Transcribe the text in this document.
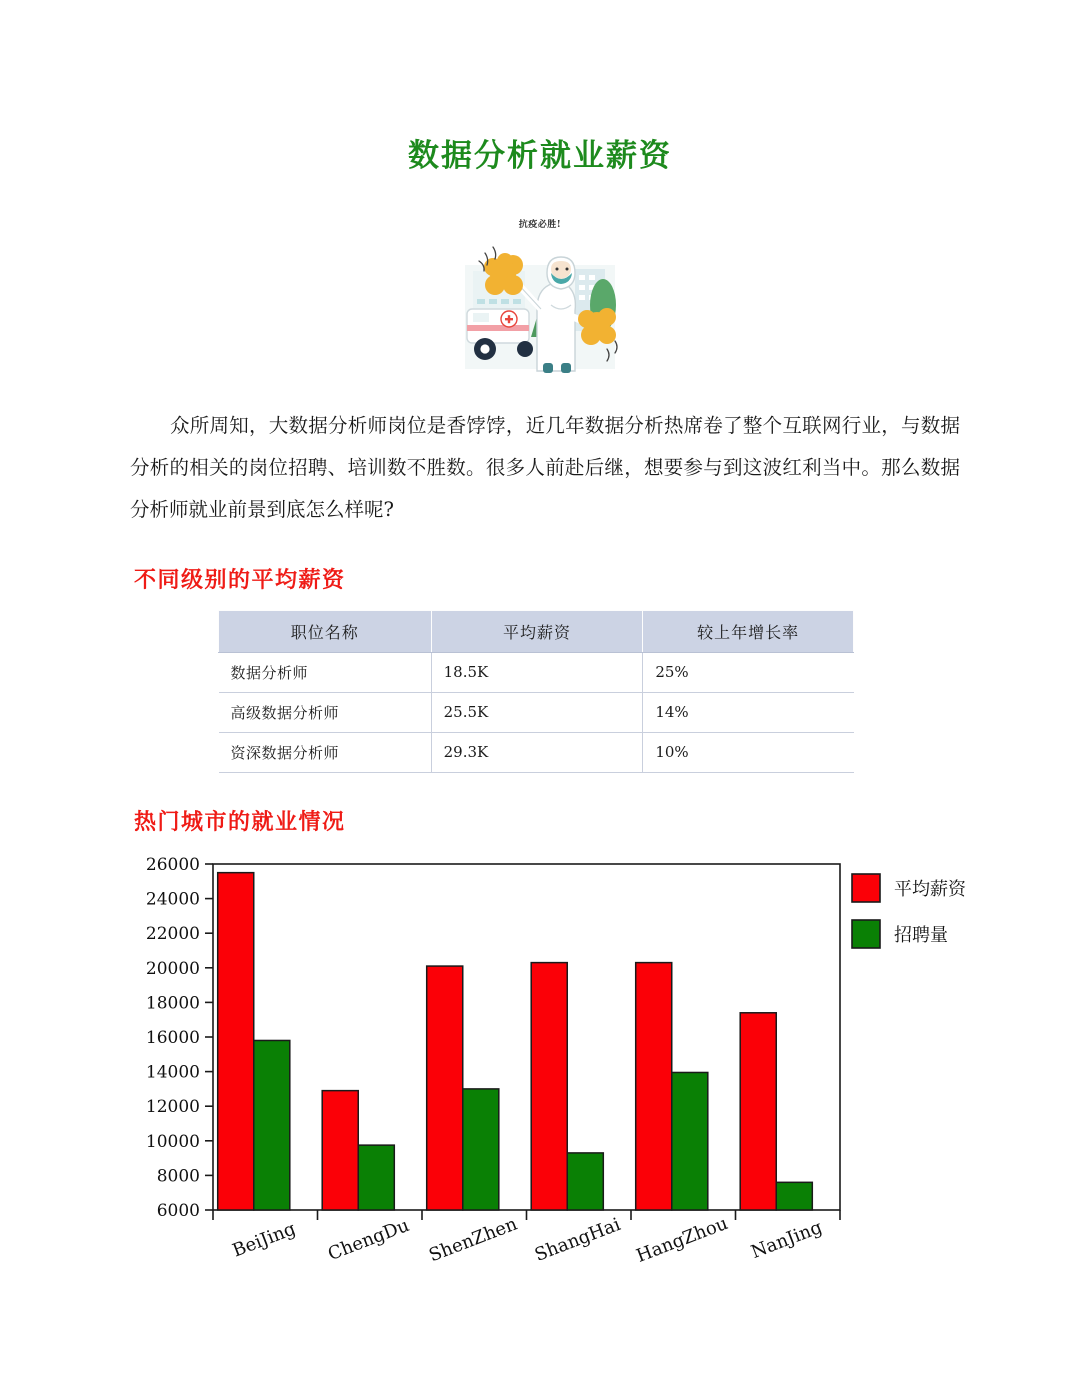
数据分析就业薪资
抗疫必胜!

众所周知，大数据分析师岗位是香饽饽，近几年数据分析热席卷了整个互联网行业，与数据分析的相关的岗位招聘、培训数不胜数。很多人前赴后继，想要参与到这波红利当中。那么数据分析师就业前景到底怎么样呢?

不同级别的平均薪资
职位名称	平均薪资	较上年增长率
数据分析师	18.5K	25%
高级数据分析师	25.5K	14%
资深数据分析师	29.3K	10%
热门城市的就业情况
6000
8000
10000
12000
14000
16000
18000
20000
22000
24000
26000
BeiJing ChengDu ShenZhen ShangHai HangZhou NanJing
平均薪资
招聘量
